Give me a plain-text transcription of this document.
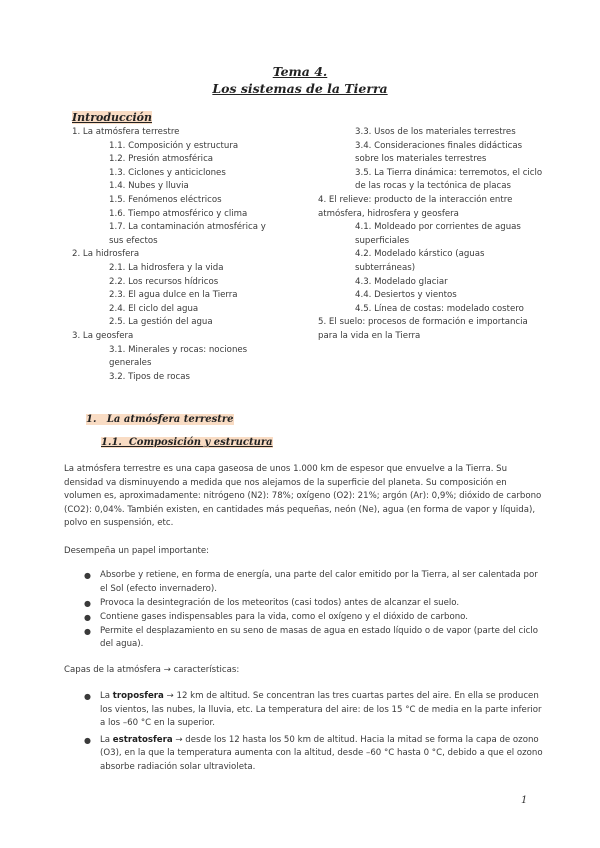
Tema 4.
Los sistemas de la Tierra
Introducción
1. La atmósfera terrestre
1.1. Composición y estructura
1.2. Presión atmosférica
1.3. Ciclones y anticiclones
1.4. Nubes y lluvia
1.5. Fenómenos eléctricos
1.6. Tiempo atmosférico y clima
1.7. La contaminación atmosférica y sus efectos
2. La hidrosfera
2.1. La hidrosfera y la vida
2.2. Los recursos hídricos
2.3. El agua dulce en la Tierra
2.4. El ciclo del agua
2.5. La gestión del agua
3. La geosfera
3.1. Minerales y rocas: nociones generales
3.2. Tipos de rocas
3.3. Usos de los materiales terrestres
3.4. Consideraciones finales didácticas sobre los materiales terrestres
3.5. La Tierra dinámica: terremotos, el ciclo de las rocas y la tectónica de placas
4. El relieve: producto de la interacción entre atmósfera, hidrosfera y geosfera
4.1. Moldeado por corrientes de aguas superficiales
4.2. Modelado kárstico (aguas subterráneas)
4.3. Modelado glaciar
4.4. Desiertos y vientos
4.5. Línea de costas: modelado costero
5. El suelo: procesos de formación e importancia para la vida en la Tierra
1.   La atmósfera terrestre
1.1.  Composición y estructura
La atmósfera terrestre es una capa gaseosa de unos 1.000 km de espesor que envuelve a la Tierra. Su densidad va disminuyendo a medida que nos alejamos de la superficie del planeta. Su composición en volumen es, aproximadamente: nitrógeno (N2): 78%; oxígeno (O2): 21%; argón (Ar): 0,9%; dióxido de carbono (CO2): 0,04%. También existen, en cantidades más pequeñas, neón (Ne), agua (en forma de vapor y líquida), polvo en suspensión, etc.
Desempeña un papel importante:
● Absorbe y retiene, en forma de energía, una parte del calor emitido por la Tierra, al ser calentada por el Sol (efecto invernadero).
● Provoca la desintegración de los meteoritos (casi todos) antes de alcanzar el suelo.
● Contiene gases indispensables para la vida, como el oxígeno y el dióxido de carbono.
● Permite el desplazamiento en su seno de masas de agua en estado líquido o de vapor (parte del ciclo del agua).
Capas de la atmósfera → características:
● La troposfera → 12 km de altitud. Se concentran las tres cuartas partes del aire. En ella se producen los vientos, las nubes, la lluvia, etc. La temperatura del aire: de los 15 °C de media en la parte inferior a los –60 °C en la superior.
● La estratosfera → desde los 12 hasta los 50 km de altitud. Hacia la mitad se forma la capa de ozono (O3), en la que la temperatura aumenta con la altitud, desde –60 °C hasta 0 °C, debido a que el ozono absorbe radiación solar ultravioleta.
1
